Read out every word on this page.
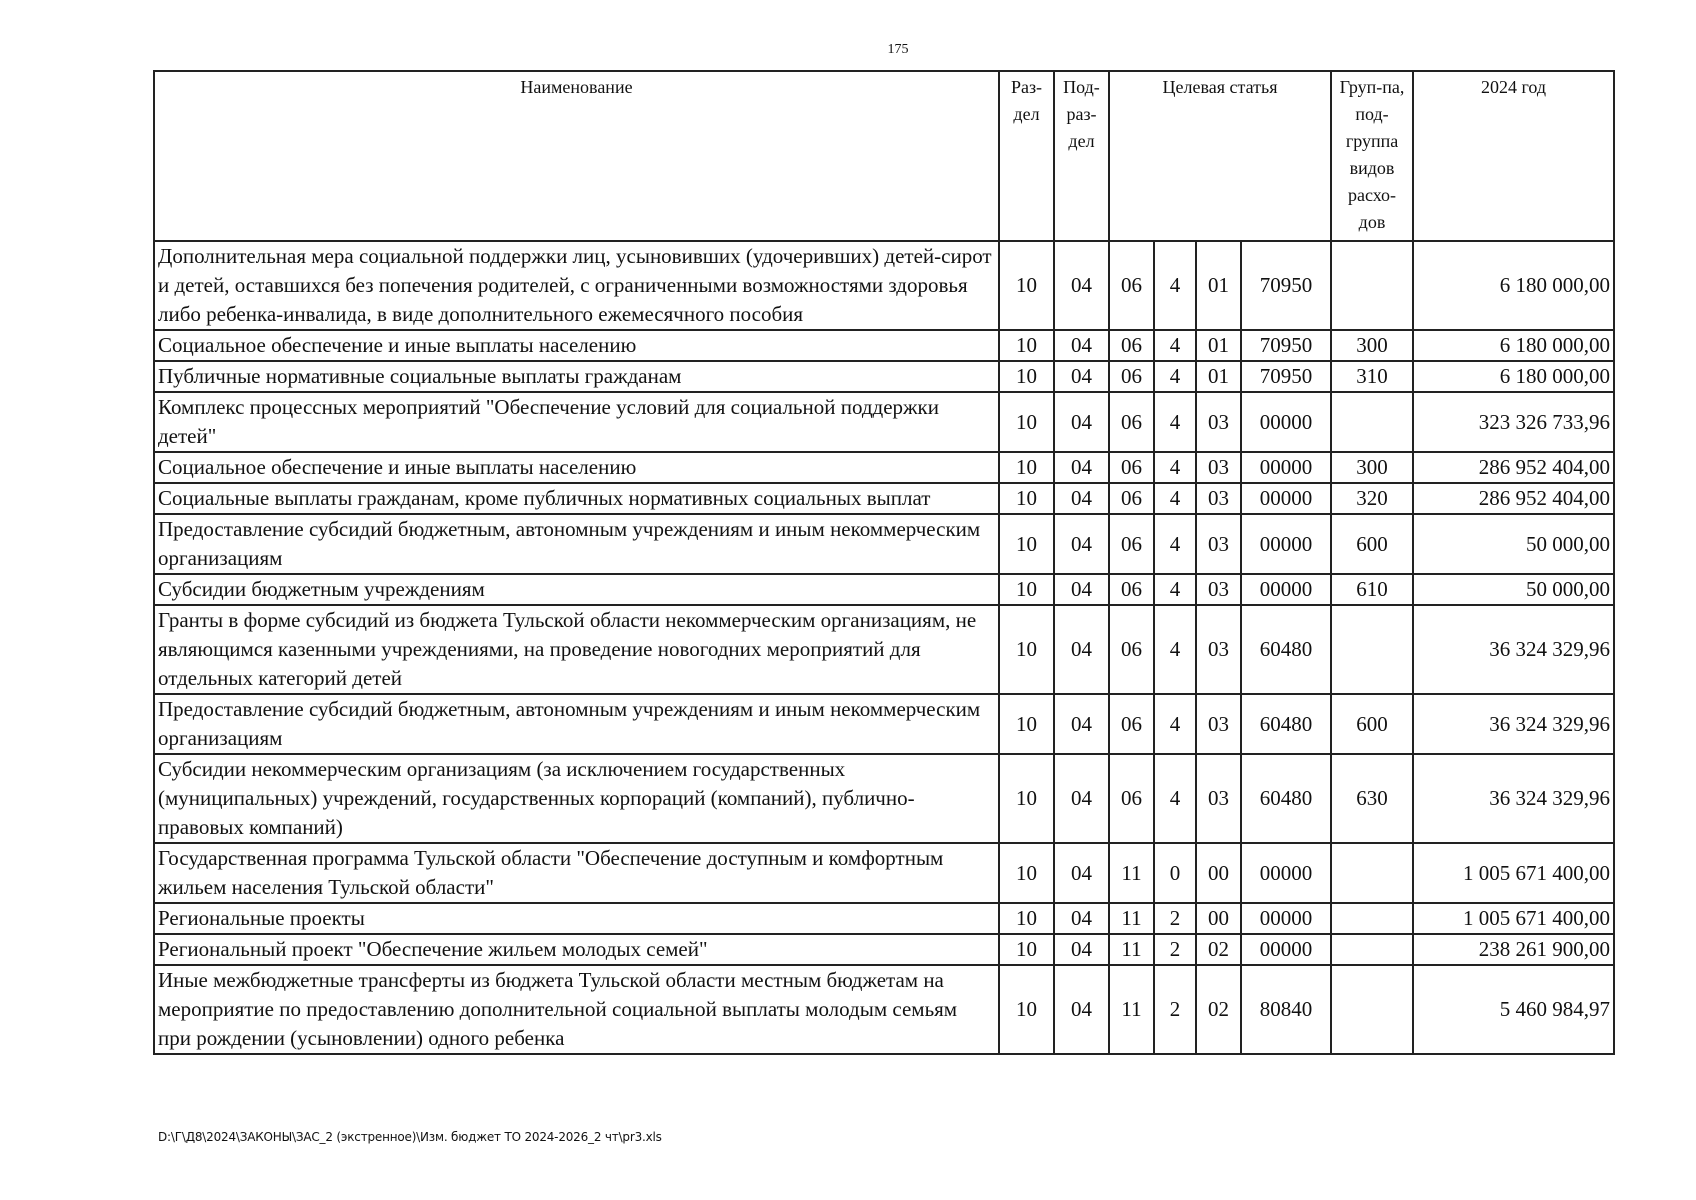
175
Наименование	Раз-дел	Под-раз-дел	Целевая статья				Груп-па, под-группа видов расхо-дов	2024 год
Дополнительная мера социальной поддержки лиц, усыновивших (удочеривших) детей-сирот и детей, оставшихся без попечения родителей, с ограниченными возможностями здоровья либо ребенка-инвалида, в виде дополнительного ежемесячного пособия	10	04	06	4	01	70950		6 180 000,00
Социальное обеспечение и иные выплаты населению	10	04	06	4	01	70950	300	6 180 000,00
Публичные нормативные социальные выплаты гражданам	10	04	06	4	01	70950	310	6 180 000,00
Комплекс процессных мероприятий "Обеспечение условий для социальной поддержки детей"	10	04	06	4	03	00000		323 326 733,96
Социальное обеспечение и иные выплаты населению	10	04	06	4	03	00000	300	286 952 404,00
Социальные выплаты гражданам, кроме публичных нормативных социальных выплат	10	04	06	4	03	00000	320	286 952 404,00
Предоставление субсидий бюджетным, автономным учреждениям и иным некоммерческим организациям	10	04	06	4	03	00000	600	50 000,00
Субсидии бюджетным учреждениям	10	04	06	4	03	00000	610	50 000,00
Гранты в форме субсидий из бюджета Тульской области некоммерческим организациям, не являющимся казенными учреждениями, на проведение новогодних мероприятий для отдельных категорий детей	10	04	06	4	03	60480		36 324 329,96
Предоставление субсидий бюджетным, автономным учреждениям и иным некоммерческим организациям	10	04	06	4	03	60480	600	36 324 329,96
Субсидии некоммерческим организациям (за исключением государственных (муниципальных) учреждений, государственных корпораций (компаний), публично-правовых компаний)	10	04	06	4	03	60480	630	36 324 329,96
Государственная программа Тульской области "Обеспечение доступным и комфортным жильем населения Тульской области"	10	04	11	0	00	00000		1 005 671 400,00
Региональные проекты	10	04	11	2	00	00000		1 005 671 400,00
Региональный проект "Обеспечение жильем молодых семей"	10	04	11	2	02	00000		238 261 900,00
Иные межбюджетные трансферты из бюджета Тульской области местным бюджетам на мероприятие по предоставлению дополнительной социальной выплаты молодым семьям при рождении (усыновлении) одного ребенка	10	04	11	2	02	80840		5 460 984,97
D:\Г\Д8\2024\ЗАКОНЫ\ЗАС_2 (экстренное)\Изм. бюджет ТО 2024-2026_2 чт\pr3.xls
